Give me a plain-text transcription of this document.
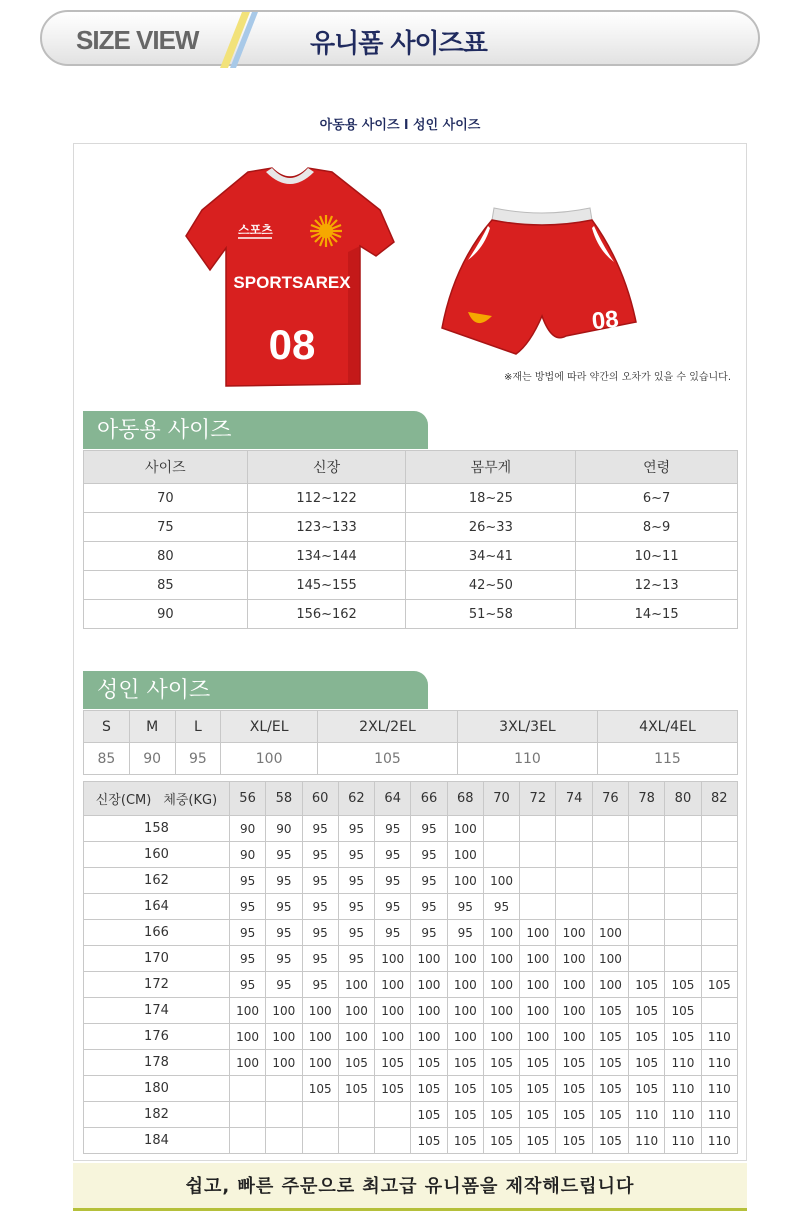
SIZE VIEW	유니폼 사이즈표
아동용 사이즈 l 성인 사이즈
스포츠
SPORTSAREX
08
08
※재는 방법에 따라 약간의 오차가 있을 수 있습니다.
아동용 사이즈
사이즈	신장	몸무게	연령
70	112~122	18~25	6~7
75	123~133	26~33	8~9
80	134~144	34~41	10~11
85	145~155	42~50	12~13
90	156~162	51~58	14~15
성인 사이즈
S	M	L	XL/EL	2XL/2EL	3XL/3EL	4XL/4EL
85	90	95	100	105	110	115
신장(CM) 체중(KG)	56	58	60	62	64	66	68	70	72	74	76	78	80	82
158	90	90	95	95	95	95	100							
160	90	95	95	95	95	95	100							
162	95	95	95	95	95	95	100	100						
164	95	95	95	95	95	95	95	95						
166	95	95	95	95	95	95	95	100	100	100	100			
170	95	95	95	95	100	100	100	100	100	100	100			
172	95	95	95	100	100	100	100	100	100	100	100	105	105	105
174	100	100	100	100	100	100	100	100	100	100	105	105	105	
176	100	100	100	100	100	100	100	100	100	100	105	105	105	110
178	100	100	100	105	105	105	105	105	105	105	105	105	110	110
180			105	105	105	105	105	105	105	105	105	105	110	110
182						105	105	105	105	105	105	110	110	110
184						105	105	105	105	105	105	110	110	110
쉽고, 빠른 주문으로 최고급 유니폼을 제작해드립니다
